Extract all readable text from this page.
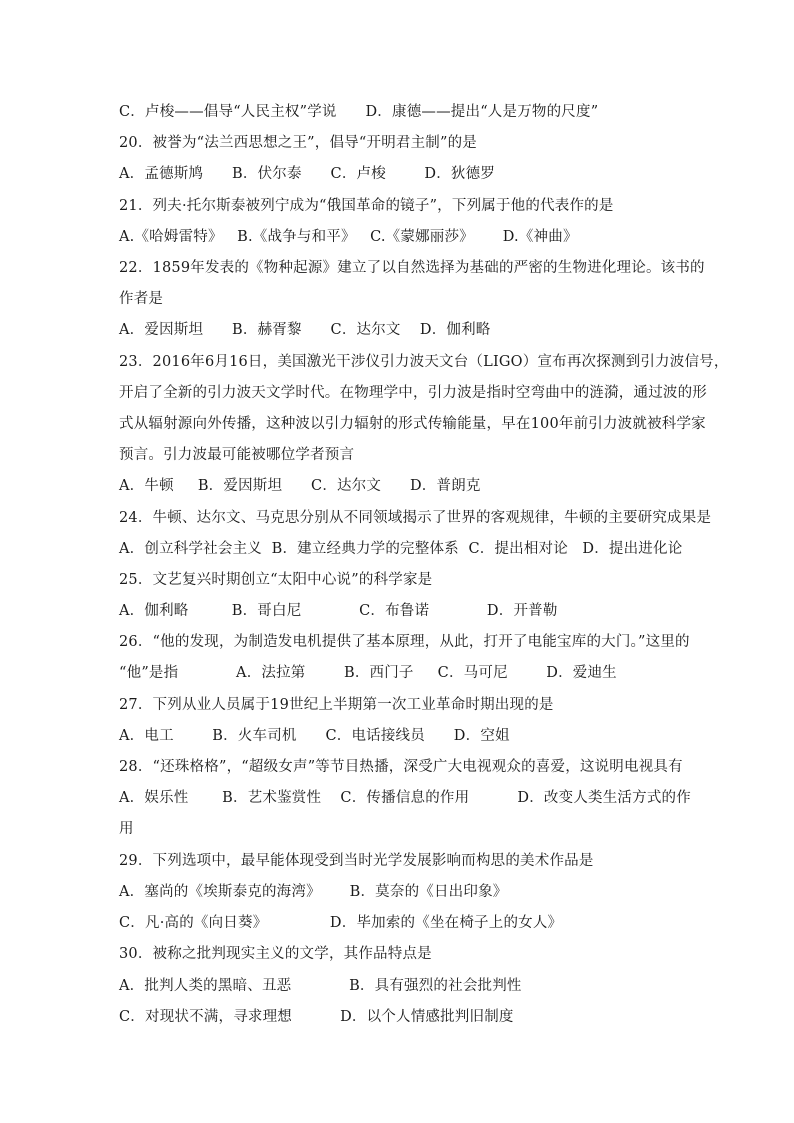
C．卢梭——倡导“人民主权”学说      D．康德——提出“人是万物的尺度”
20．被誉为“法兰西思想之王”，倡导“开明君主制”的是
A．孟德斯鸠      B．伏尔泰      C．卢梭        D．狄德罗
21．列夫·托尔斯泰被列宁成为“俄国革命的镜子”，下列属于他的代表作的是
A.《哈姆雷特》   B.《战争与和平》   C.《蒙娜丽莎》      D.《神曲》
22．1859年发表的《物种起源》建立了以自然选择为基础的严密的生物进化理论。该书的
作者是
A．爱因斯坦      B．赫胥黎      C．达尔文    D．伽利略
23．2016年6月16日，美国激光干涉仪引力波天文台（LIGO）宣布再次探测到引力波信号，
开启了全新的引力波天文学时代。在物理学中，引力波是指时空弯曲中的涟漪，通过波的形
式从辐射源向外传播，这种波以引力辐射的形式传输能量，早在100年前引力波就被科学家
预言。引力波最可能被哪位学者预言
A．牛顿     B．爱因斯坦      C．达尔文      D．普朗克
24．牛顿、达尔文、马克思分别从不同领域揭示了世界的客观规律，牛顿的主要研究成果是
A．创立科学社会主义  B．建立经典力学的完整体系  C．提出相对论   D．提出进化论
25．文艺复兴时期创立“太阳中心说”的科学家是
A．伽利略         B．哥白尼            C．布鲁诺            D．开普勒
26．“他的发现，为制造发电机提供了基本原理，从此，打开了电能宝库的大门。”这里的
“他”是指            A．法拉第        B．西门子     C．马可尼        D．爱迪生
27．下列从业人员属于19世纪上半期第一次工业革命时期出现的是
A．电工        B．火车司机      C．电话接线员      D．空姐
28．“还珠格格”，“超级女声”等节目热播，深受广大电视观众的喜爱，这说明电视具有
A．娱乐性       B．艺术鉴赏性    C．传播信息的作用          D．改变人类生活方式的作
用
29．下列选项中，最早能体现受到当时光学发展影响而构思的美术作品是
A．塞尚的《埃斯泰克的海湾》      B．莫奈的《日出印象》
C．凡·高的《向日葵》             D．毕加索的《坐在椅子上的女人》
30．被称之批判现实主义的文学，其作品特点是
A．批判人类的黑暗、丑恶            B．具有强烈的社会批判性
C．对现状不满，寻求理想          D．以个人情感批判旧制度
